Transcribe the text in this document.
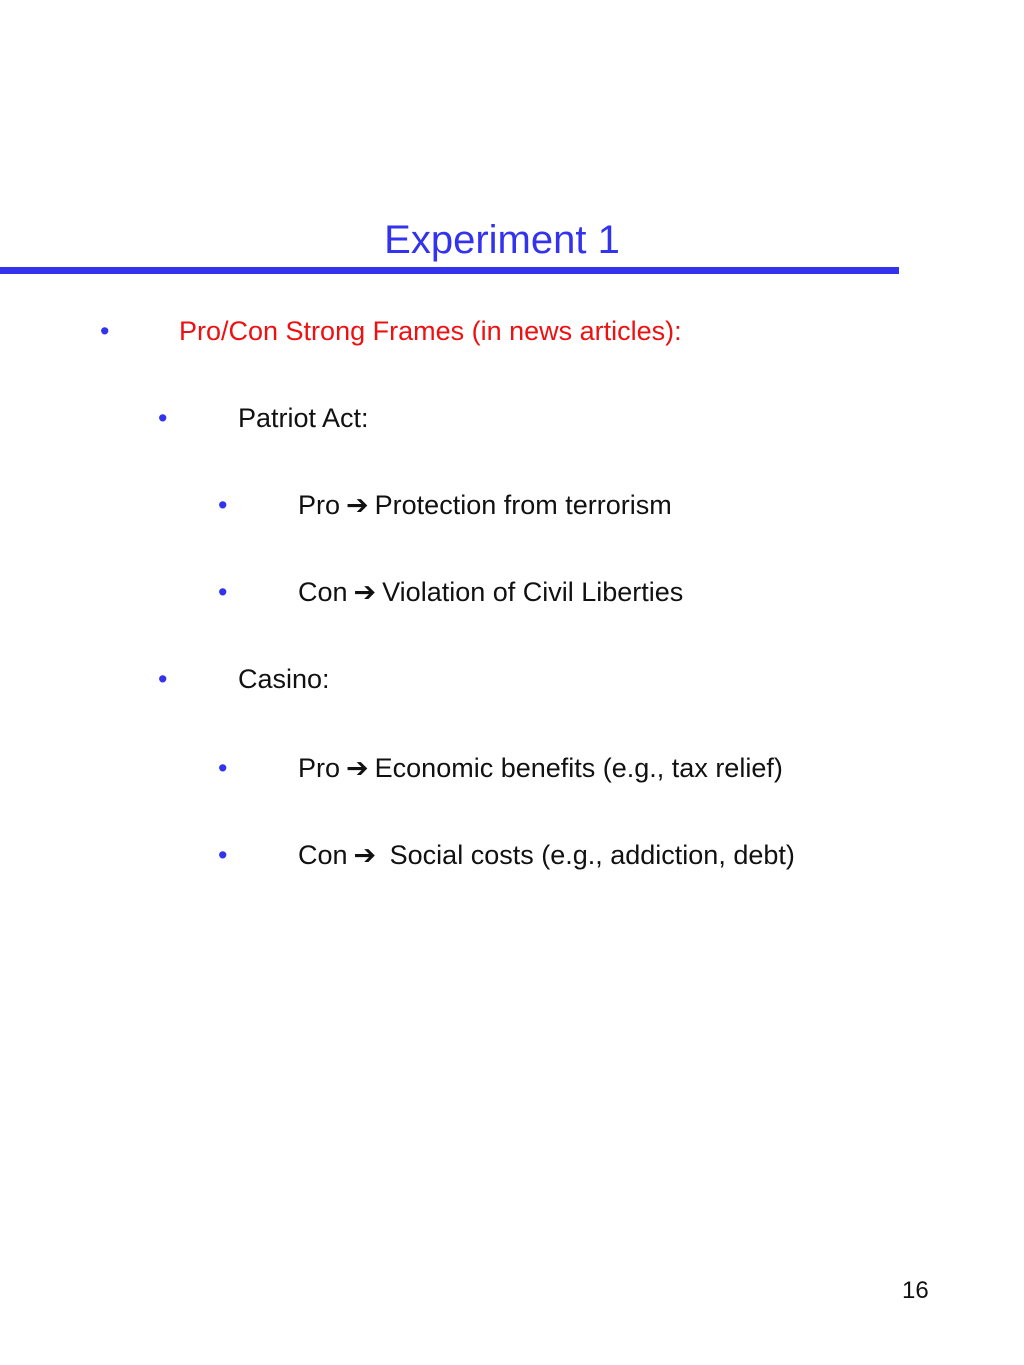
Experiment 1
•	Pro/Con Strong Frames (in news articles):
•	Patriot Act:
•	Pro ➔ Protection from terrorism
•	Con ➔ Violation of Civil Liberties
•	Casino:
•	Pro ➔ Economic benefits (e.g., tax relief)
•	Con ➔ Social costs (e.g., addiction, debt)
16
